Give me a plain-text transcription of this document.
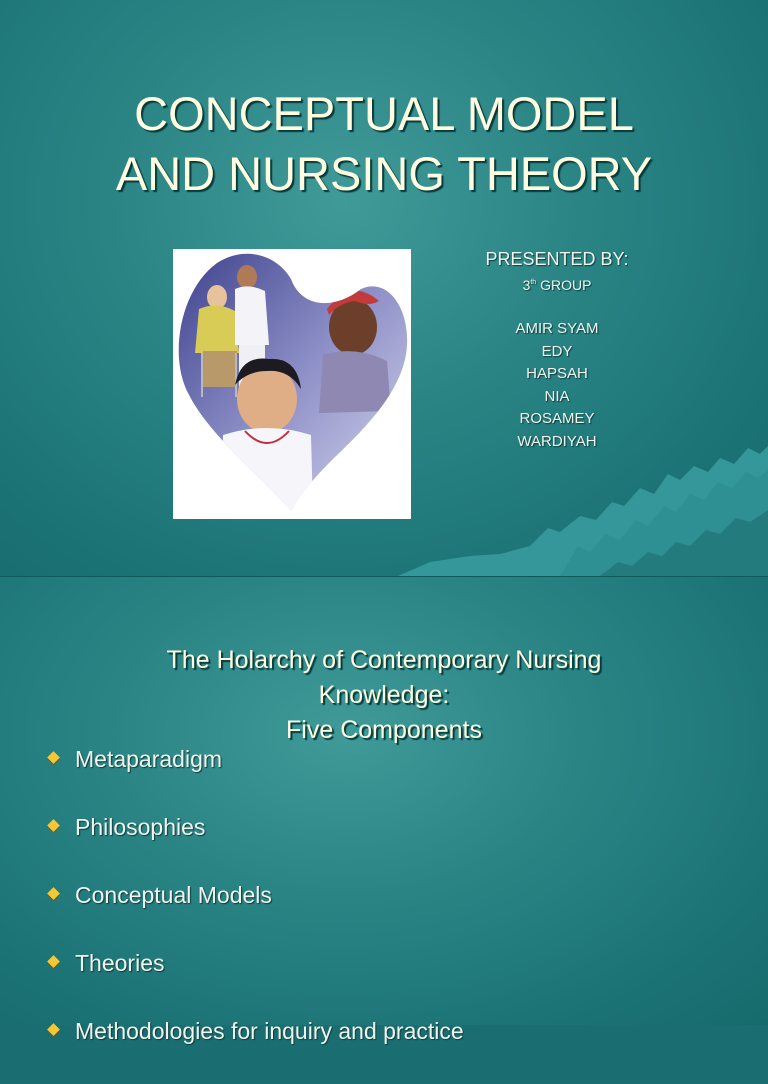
CONCEPTUAL MODEL
AND NURSING THEORY
PRESENTED BY:
3th GROUP
AMIR SYAM
EDY
HAPSAH
NIA
ROSAMEY
WARDIYAH
The Holarchy of Contemporary Nursing
Knowledge:
Five Components
Metaparadigm
Philosophies
Conceptual Models
Theories
Methodologies for inquiry and practice
